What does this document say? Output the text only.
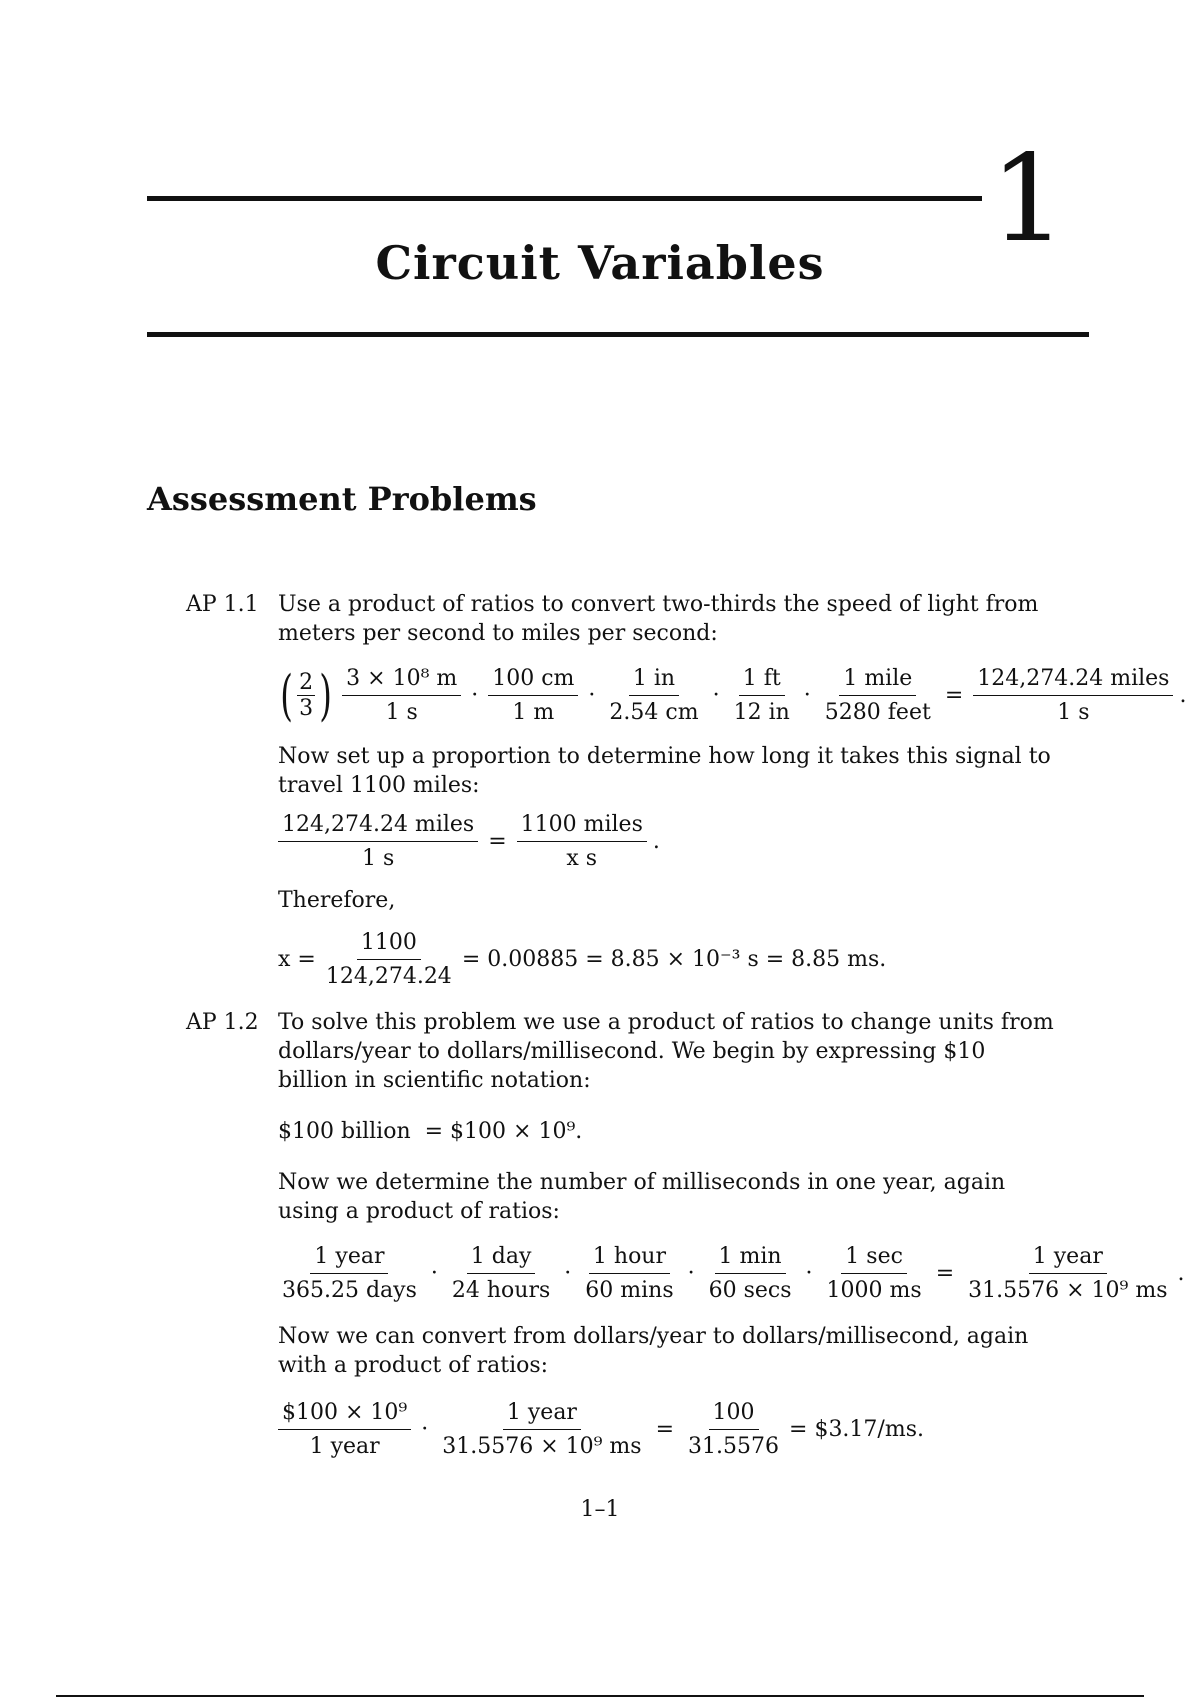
1
Circuit Variables
Assessment Problems
AP 1.1 Use a product of ratios to convert two-thirds the speed of light from meters per second to miles per second:
( $\frac{2}{3}$ ) $\frac{\text{3 × 10⁸ m}}{1 s} \cdot \frac{100 cm}{1 m} \cdot \frac{1 in}{2.54 cm} \cdot \frac{1 ft}{12 in} \cdot \frac{\text{1 mile}}{\text{5280 feet}} = \frac{\text{124,274.24 miles}}{1 s}$ .
Now set up a proportion to determine how long it takes this signal to travel 1100 miles:
$\frac{\text{124,274.24 miles}}{1 s} = \frac{\text{1100 miles}}{\text{x s}}$ .
Therefore,
$x = \frac{1100}{124,274.24} = 0.00885 = 8.85 \times 10^{-3}$ s = 8.85 ms.
AP 1.2 To solve this problem we use a product of ratios to change units from dollars/year to dollars/millisecond. We begin by expressing $10 billion in scientific notation:
$100 billion  = $100 × 10⁹.
Now we determine the number of milliseconds in one year, again using a product of ratios:
$\frac{\text{1 year}}{\text{365.25 days}} \cdot \frac{\text{1 day}}{\text{24 hours}} \cdot \frac{\text{1 hour}}{60 \min s} \cdot \frac{1 \min}{60 \sec s} \cdot \frac{1 \sec}{1000 ms} = \frac{\text{1 year}}{\text{31.5576 × 10⁹ ms}}$ .
Now we can convert from dollars/year to dollars/millisecond, again with a product of ratios:
$\frac{\text{\$100 × 10⁹}}{\text{1 year}} \cdot \frac{\text{1 year}}{\text{31.5576 × 10⁹ ms}} = \frac{100}{31.5576}$ = $3.17/ms.
1–1
